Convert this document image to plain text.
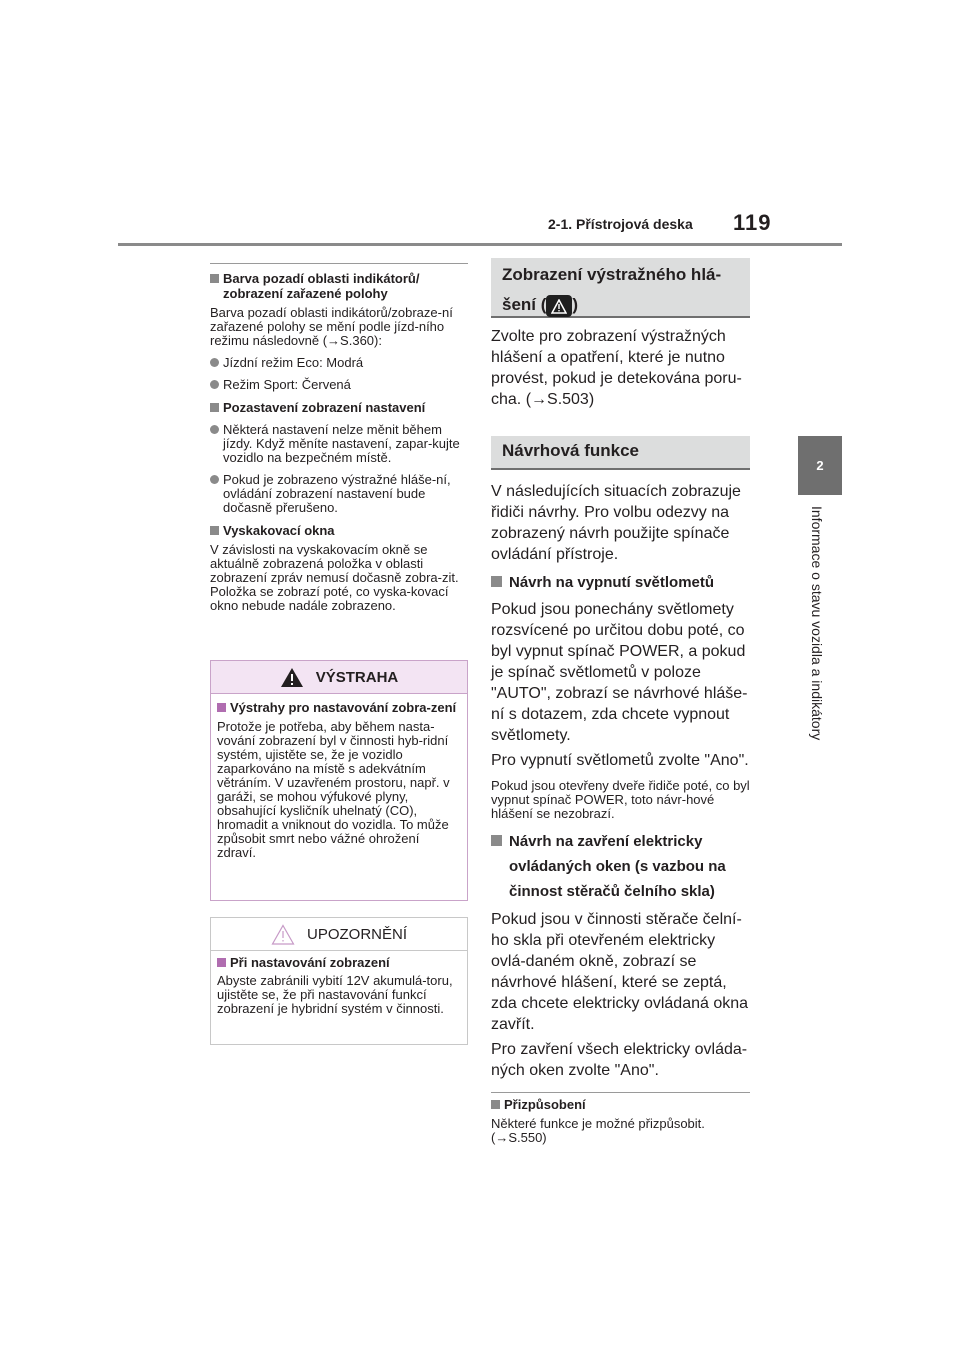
2-1. Přístrojová deska 119
2
Informace o stavu vozidla a indikátory

Barva pozadí oblasti indikátorů/ zobrazení zařazené polohy

Barva pozadí oblasti indikátorů/zobraze-ní zařazené polohy se mění podle jízd-ního režimu následovně (→S.360):

Jízdní režim Eco: Modrá

Režim Sport: Červená

Pozastavení zobrazení nastavení

Některá nastavení nelze měnit během jízdy. Když měníte nastavení, zapar-kujte vozidlo na bezpečném místě.

Pokud je zobrazeno výstražné hláše-ní, ovládání zobrazení nastavení bude dočasně přerušeno.

Vyskakovací okna

V závislosti na vyskakovacím okně se aktuálně zobrazená položka v oblasti zobrazení zpráv nemusí dočasně zobra-zit. Položka se zobrazí poté, co vyska-kovací okno nebude nadále zobrazeno.

VÝSTRAHA

Výstrahy pro nastavování zobra-zení

Protože je potřeba, aby během nasta-vování zobrazení byl v činnosti hyb-ridní systém, ujistěte se, že je vozidlo zaparkováno na místě s adekvátním větráním. V uzavřeném prostoru, např. v garáži, se mohou výfukové plyny, obsahující kysličník uhelnatý (CO), hromadit a vniknout do vozidla. To může způsobit smrt nebo vážné ohrožení zdraví.

UPOZORNĚNÍ

Při nastavování zobrazení

Abyste zabránili vybití 12V akumulá-toru, ujistěte se, že při nastavování funkcí zobrazení je hybridní systém v činnosti.

Zobrazení výstražného hlá-
šení ( )

Zvolte pro zobrazení výstražných hlášení a opatření, které je nutno provést, pokud je detekována poru-cha. (→S.503)

Návrhová funkce

V následujících situacích zobrazuje řidiči návrhy. Pro volbu odezvy na zobrazený návrh použijte spínače ovládání přístroje.

Návrh na vypnutí světlometů

Pokud jsou ponechány světlomety rozsvícené po určitou dobu poté, co byl vypnut spínač POWER, a pokud je spínač světlometů v poloze "AUTO", zobrazí se návrhové hláše-ní s dotazem, zda chcete vypnout světlomety.

Pro vypnutí světlometů zvolte "Ano".

Pokud jsou otevřeny dveře řidiče poté, co byl vypnut spínač POWER, toto návr-hové hlášení se nezobrazí.

Návrh na zavření elektricky ovládaných oken (s vazbou na činnost stěračů čelního skla)

Pokud jsou v činnosti stěrače čelní-ho skla při otevřeném elektricky ovlá-daném okně, zobrazí se návrhové hlášení, které se zeptá, zda chcete elektricky ovládaná okna zavřít.

Pro zavření všech elektricky ovláda-ných oken zvolte "Ano".

Přizpůsobení

Některé funkce je možné přizpůsobit. (→S.550)
